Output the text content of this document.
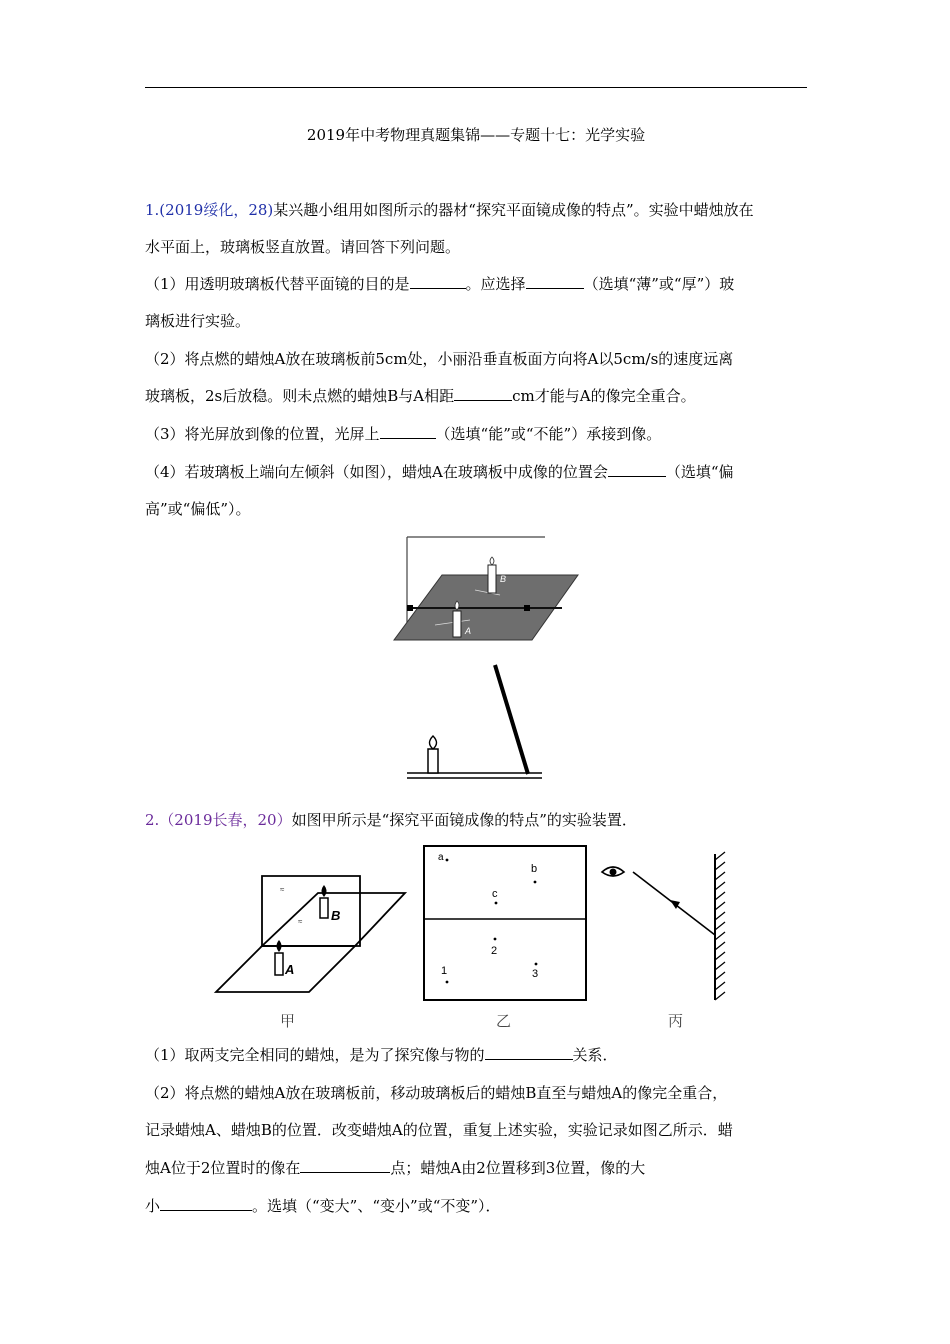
2019年中考物理真题集锦——专题十七：光学实验
1.(2019绥化，28)某兴趣小组用如图所示的器材“探究平面镜成像的特点”。实验中蜡烛放在
水平面上，玻璃板竖直放置。请回答下列问题。
（1）用透明玻璃板代替平面镜的目的是	。应选择	（选填“薄”或“厚”）玻
璃板进行实验。
（2）将点燃的蜡烛A放在玻璃板前5cm处，小丽沿垂直板面方向将A以5cm/s的速度远离
玻璃板，2s后放稳。则未点燃的蜡烛B与A相距	cm才能与A的像完全重合。
（3）将光屏放到像的位置，光屏上	（选填“能”或“不能”）承接到像。
（4）若玻璃板上端向左倾斜（如图），蜡烛A在玻璃板中成像的位置会	（选填“偏
高”或“偏低”）。
B
A
2.（2019长春，20）如图甲所示是“探究平面镜成像的特点”的实验装置．
≈
≈ B
A
甲
a
b
c
2
1	3
乙	丙
（1）取两支完全相同的蜡烛，是为了探究像与物的	关系．
（2）将点燃的蜡烛A放在玻璃板前，移动玻璃板后的蜡烛B直至与蜡烛A的像完全重合，
记录蜡烛A、蜡烛B的位置．改变蜡烛A的位置，重复上述实验，实验记录如图乙所示．蜡
烛A位于2位置时的像在	点；蜡烛A由2位置移到3位置，像的大
小	。选填（“变大”、“变小”或“不变”）．
